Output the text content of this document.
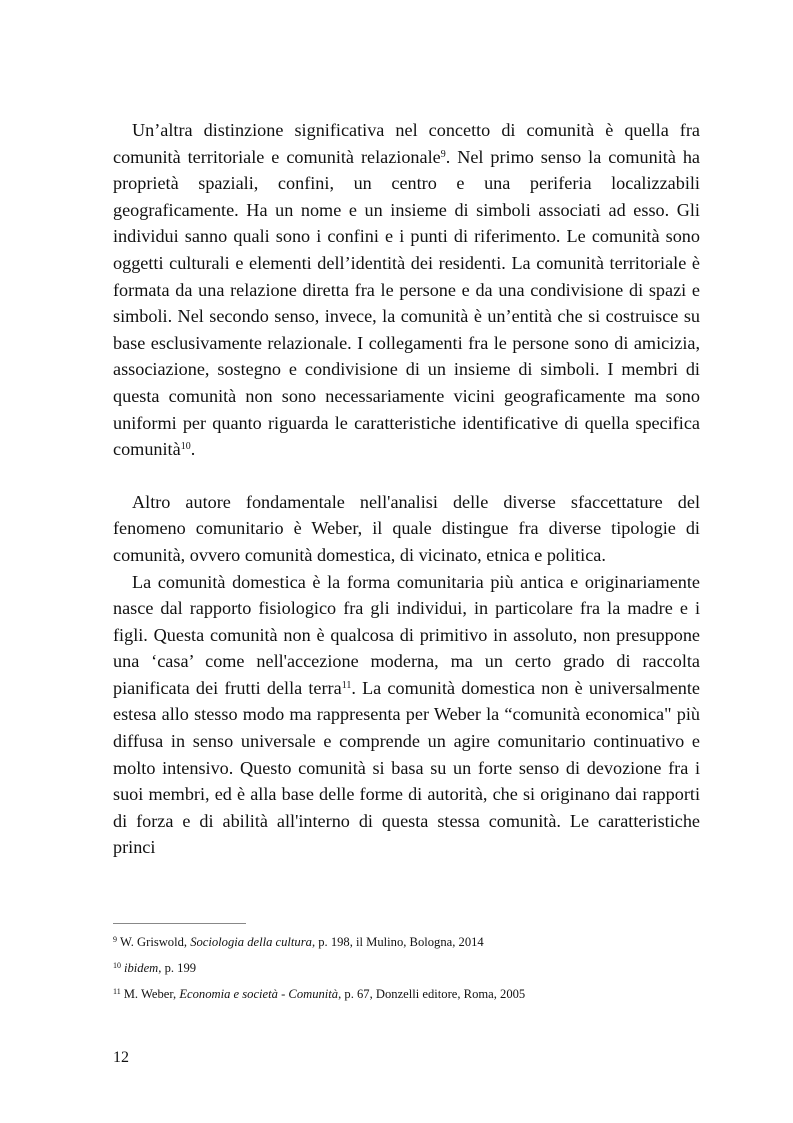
Un’altra distinzione significativa nel concetto di comunità è quella fra comunità territoriale e comunità relazionale$^9$. Nel primo senso la comunità ha proprietà spaziali, confini, un centro e una periferia localizzabili geograficamente. Ha un nome e un insieme di simboli associati ad esso. Gli individui sanno quali sono i confini e i punti di riferimento. Le comunità sono oggetti culturali e elementi dell’identità dei residenti. La comunità territoriale è formata da una relazione diretta fra le persone e da una condivisione di spazi e simboli. Nel secondo senso, invece, la comunità è un’entità che si costruisce su base esclusivamente relazionale. I collegamenti fra le persone sono di amicizia, associazione, sostegno e condivisione di un insieme di simboli. I membri di questa comunità non sono necessariamente vicini geograficamente ma sono uniformi per quanto riguarda le caratteristiche identificative di quella specifica comunità$^{10}$.

Altro autore fondamentale nell'analisi delle diverse sfaccettature del fenomeno comunitario è Weber, il quale distingue fra diverse tipologie di comunità, ovvero comunità domestica, di vicinato, etnica e politica.

La comunità domestica è la forma comunitaria più antica e originariamente nasce dal rapporto fisiologico fra gli individui, in particolare fra la madre e i figli. Questa comunità non è qualcosa di primitivo in assoluto, non presuppone una ‘casa’ come nell'accezione moderna, ma un certo grado di raccolta pianificata dei frutti della terra$^{11}$. La comunità domestica non è universalmente estesa allo stesso modo ma rappresenta per Weber la “comunità economica" più diffusa in senso universale e comprende un agire comunitario continuativo e molto intensivo. Questo comunità si basa su un forte senso di devozione fra i suoi membri, ed è alla base delle forme di autorità, che si originano dai rapporti di forza e di abilità all'interno di questa stessa comunità. Le caratteristiche princi

$^9$ W. Griswold, Sociologia della cultura, p. 198, il Mulino, Bologna, 2014
$^{10}$ ibidem, p. 199
$^{11}$ M. Weber, Economia e società - Comunità, p. 67, Donzelli editore, Roma, 2005
12
